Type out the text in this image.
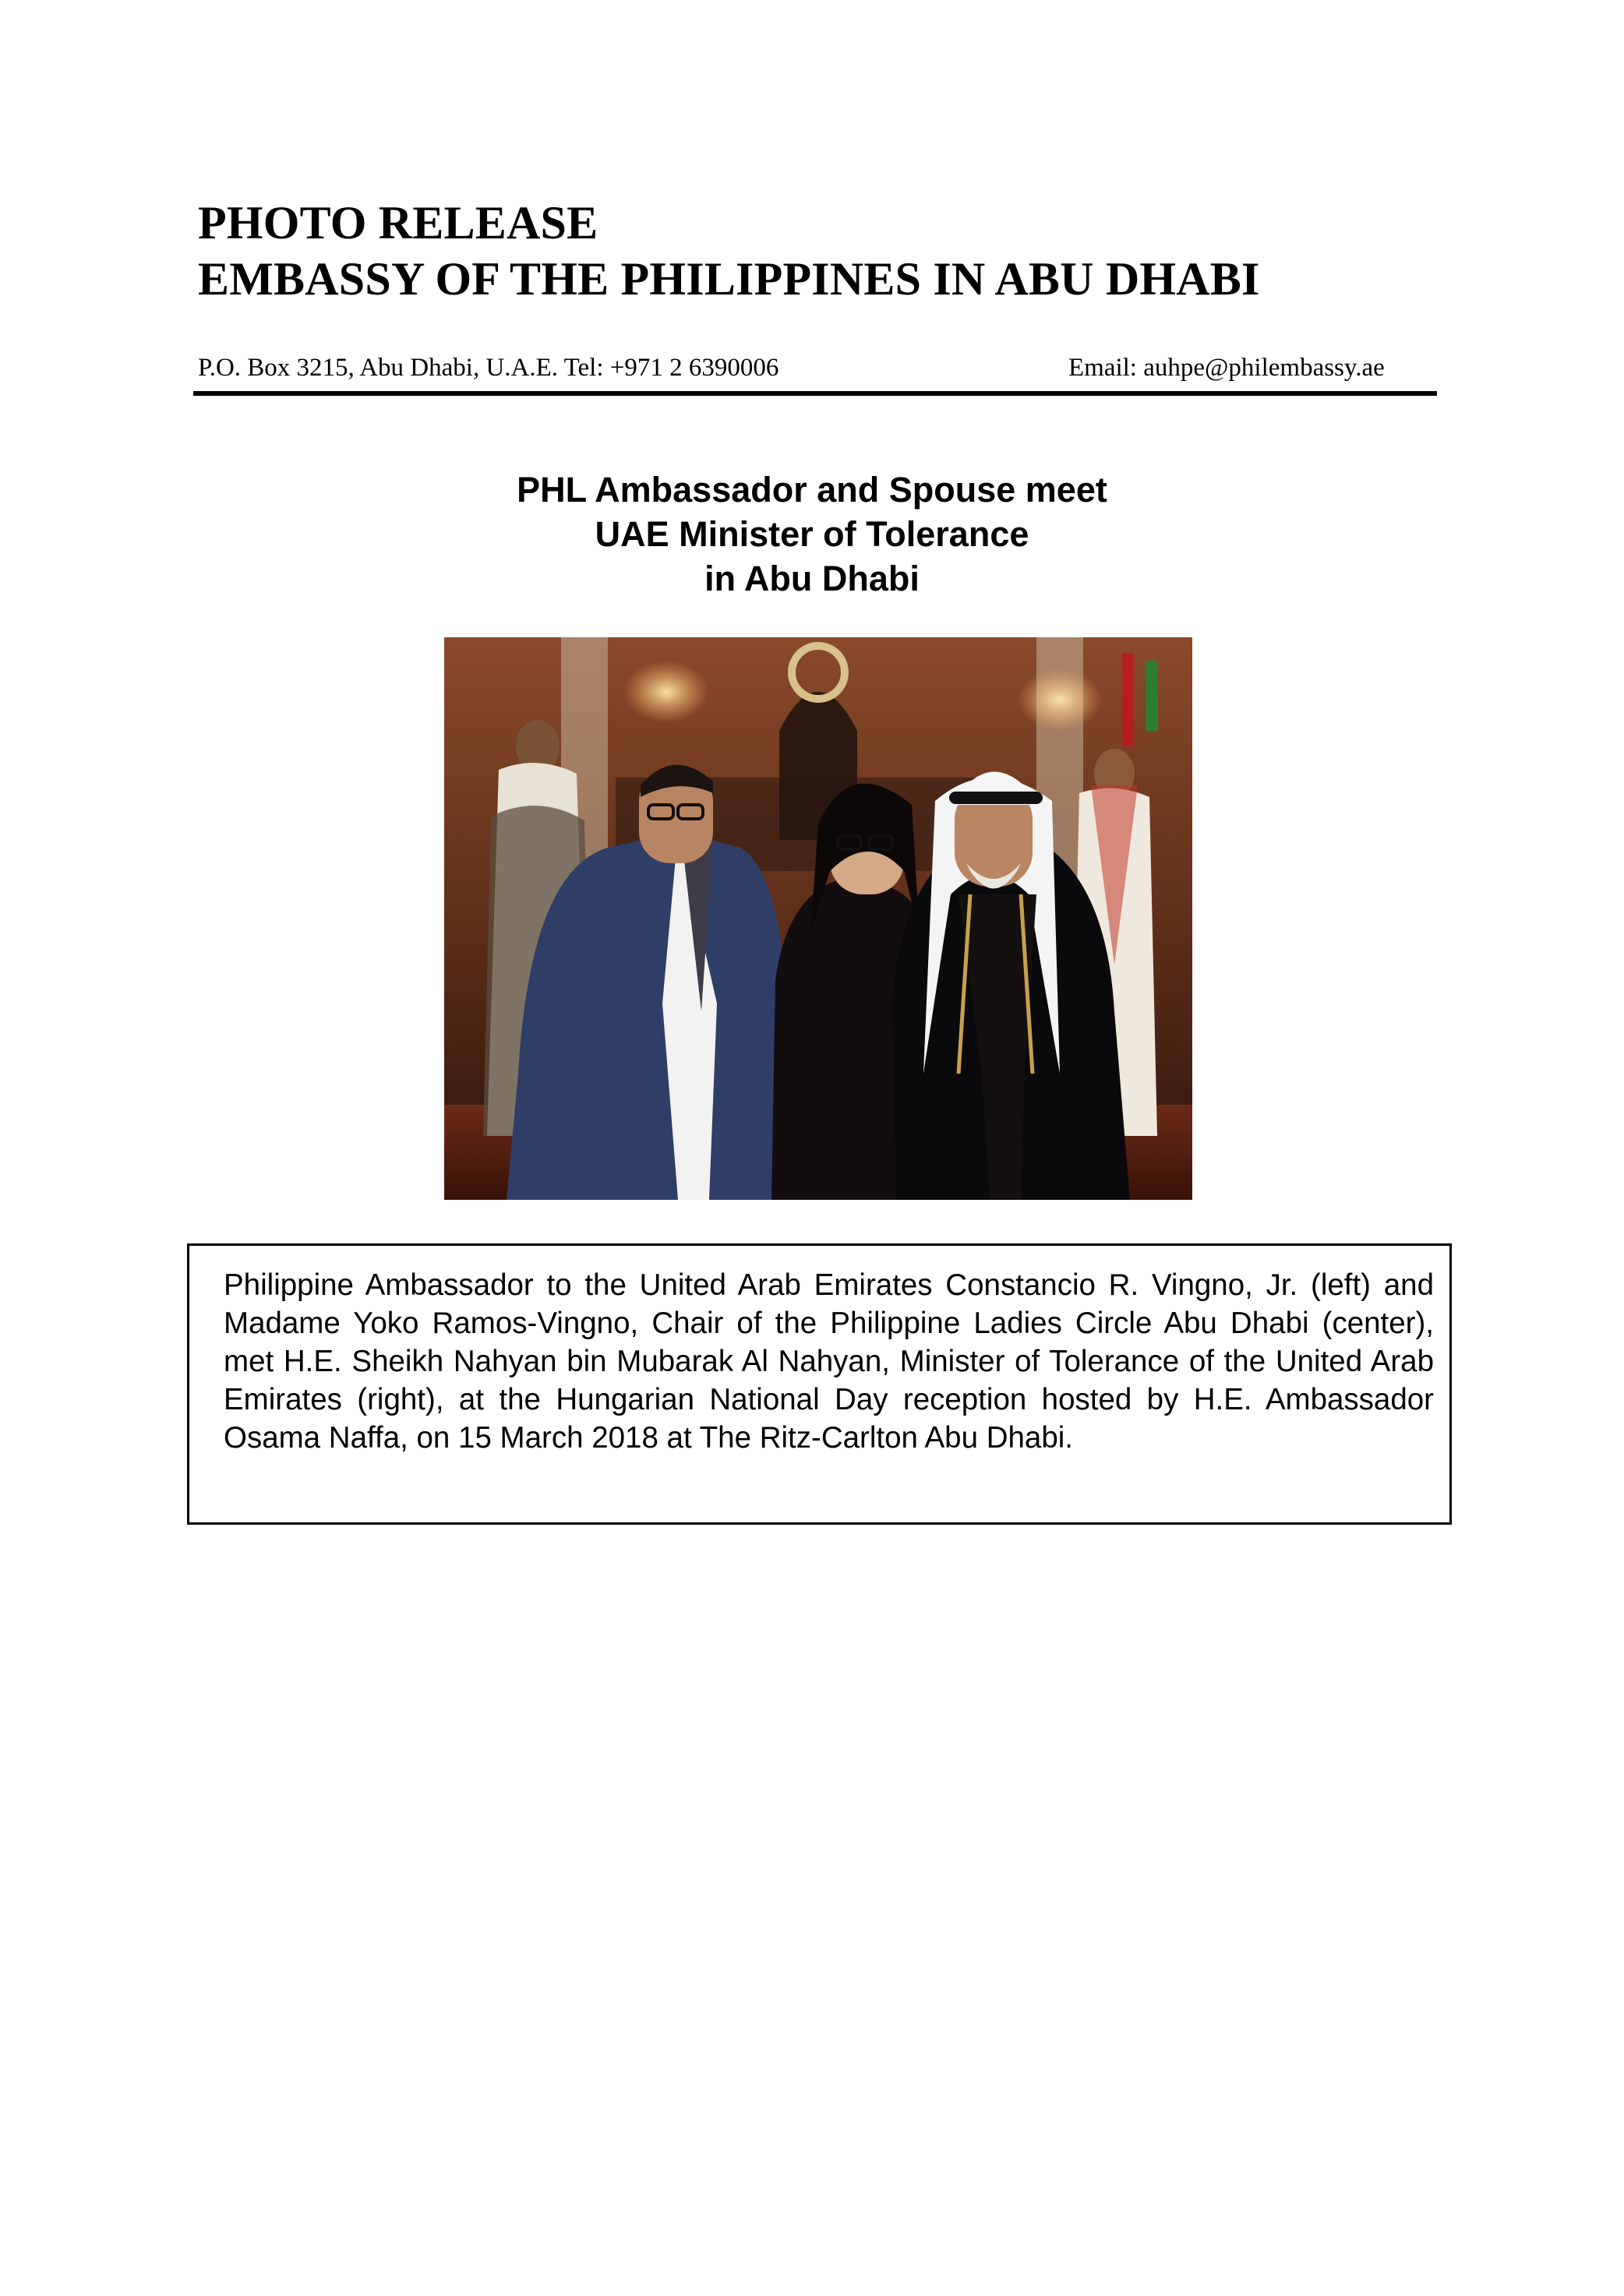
PHOTO RELEASE
EMBASSY OF THE PHILIPPINES IN ABU DHABI
P.O. Box 3215, Abu Dhabi, U.A.E. Tel: +971 2 6390006	Email: auhpe@philembassy.ae
PHL Ambassador and Spouse meet
UAE Minister of Tolerance
in Abu Dhabi
Philippine Ambassador to the United Arab Emirates Constancio R. Vingno, Jr. (left) and Madame Yoko Ramos-Vingno, Chair of the Philippine Ladies Circle Abu Dhabi (center), met H.E. Sheikh Nahyan bin Mubarak Al Nahyan, Minister of Tolerance of the United Arab Emirates (right), at the Hungarian National Day reception hosted by H.E. Ambassador Osama Naffa, on 15 March 2018 at The Ritz-Carlton Abu Dhabi.
